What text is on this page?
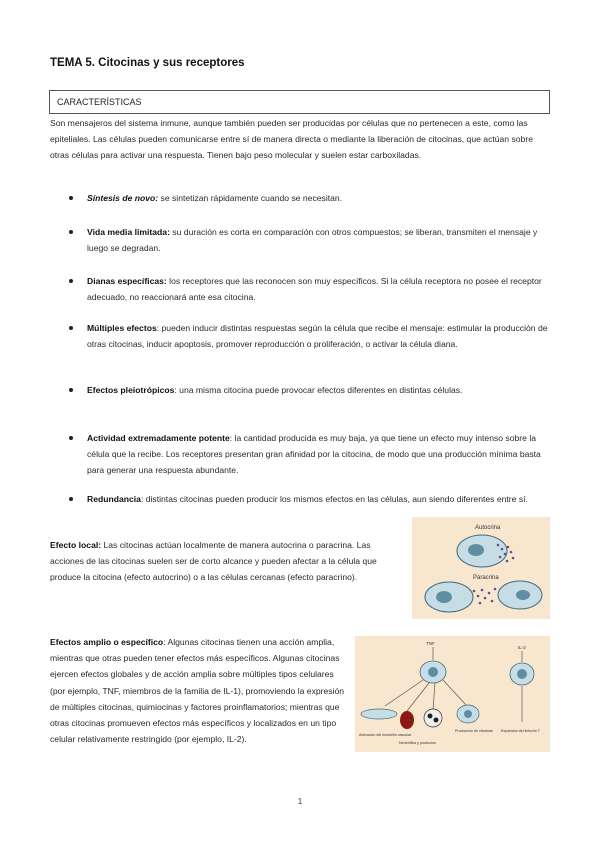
TEMA 5. Citocinas y sus receptores
CARACTERÍSTICAS

Son mensajeros del sistema inmune, aunque también pueden ser producidas por células que no pertenecen a este, como las epiteliales. Las células pueden comunicarse entre sí de manera directa o mediante la liberación de citocinas, que actúan sobre otras células para activar una respuesta. Tienen bajo peso molecular y suelen estar carboxiladas.

Síntesis de novo: se sintetizan rápidamente cuando se necesitan.
Vida media limitada: su duración es corta en comparación con otros compuestos; se liberan, transmiten el mensaje y luego se degradan.
Dianas específicas: los receptores que las reconocen son muy específicos. Si la célula receptora no posee el receptor adecuado, no reaccionará ante esa citocina.
Múltiples efectos: pueden inducir distintas respuestas según la célula que recibe el mensaje: estimular la producción de otras citocinas, inducir apoptosis, promover reproducción o proliferación, o activar la célula diana.
Efectos pleiotrópicos: una misma citocina puede provocar efectos diferentes en distintas células.
Actividad extremadamente potente: la cantidad producida es muy baja, ya que tiene un efecto muy intenso sobre la célula que la recibe. Los receptores presentan gran afinidad por la citocina, de modo que una producción mínima basta para generar una respuesta abundante.
Redundancia: distintas citocinas pueden producir los mismos efectos en las células, aun siendo diferentes entre sí.

Efecto local: Las citocinas actúan localmente de manera autocrina o paracrina. Las acciones de las citocinas suelen ser de corto alcance y pueden afectar a la célula que produce la citocina (efecto autocrino) o a las células cercanas (efecto paracrino).

Autocrina
Paracrina

Efectos amplio o específico: Algunas citocinas tienen una acción amplia, mientras que otras pueden tener efectos más específicos. Algunas citocinas ejercen efectos globales y de acción amplia sobre múltiples tipos celulares (por ejemplo, TNF, miembros de la familia de IL-1), promoviendo la expresión de múltiples citocinas, quimiocinas y factores proinflamatorios; mientras que otras citocinas promueven efectos más específicos y localizados en un tipo celular relativamente restringido (por ejemplo, IL-2).

TNF
IL-2
Activación del endotelio vascular
Neutrófilos y productos
Producción de citocinas Expansión del linfocito T
1
